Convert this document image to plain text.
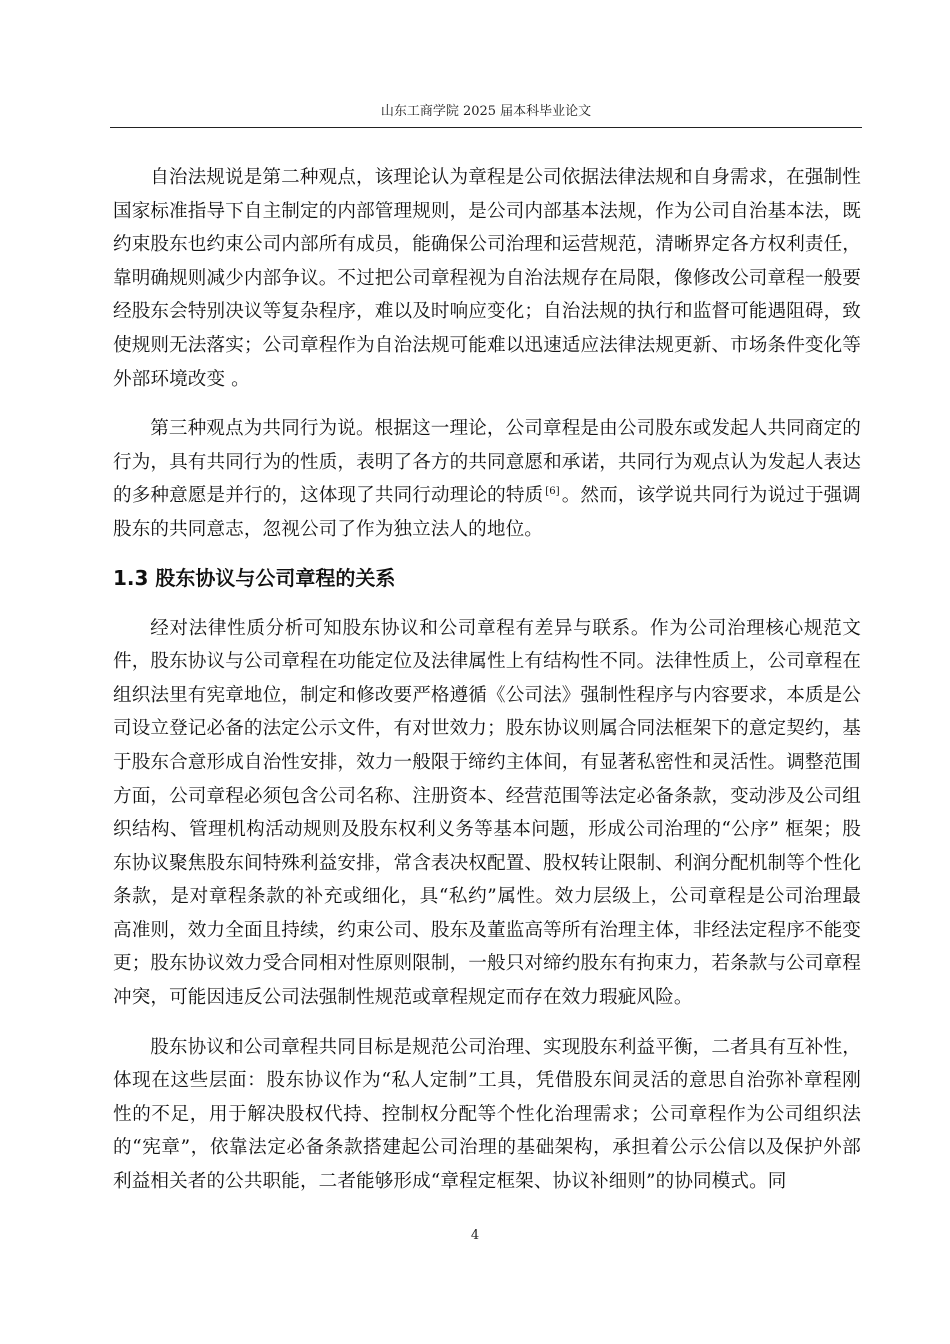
山东工商学院 2025 届本科毕业论文

自治法规说是第二种观点，该理论认为章程是公司依据法律法规和自身需求，在强制性国家标准指导下自主制定的内部管理规则，是公司内部基本法规，作为公司自治基本法，既约束股东也约束公司内部所有成员，能确保公司治理和运营规范，清晰界定各方权利责任，靠明确规则减少内部争议。不过把公司章程视为自治法规存在局限，像修改公司章程一般要经股东会特别决议等复杂程序，难以及时响应变化；自治法规的执行和监督可能遇阻碍，致使规则无法落实；公司章程作为自治法规可能难以迅速适应法律法规更新、市场条件变化等外部环境改变 。

第三种观点为共同行为说。根据这一理论，公司章程是由公司股东或发起人共同商定的行为，具有共同行为的性质，表明了各方的共同意愿和承诺，共同行为观点认为发起人表达的多种意愿是并行的，这体现了共同行动理论的特质 [6] 。然而，该学说共同行为说过于强调股东的共同意志，忽视公司了作为独立法人的地位。

1.3 股东协议与公司章程的关系

经对法律性质分析可知股东协议和公司章程有差异与联系。作为公司治理核心规范文件，股东协议与公司章程在功能定位及法律属性上有结构性不同。法律性质上，公司章程在组织法里有宪章地位，制定和修改要严格遵循《公司法》强制性程序与内容要求，本质是公司设立登记必备的法定公示文件，有对世效力；股东协议则属合同法框架下的意定契约，基于股东合意形成自治性安排，效力一般限于缔约主体间，有显著私密性和灵活性。调整范围方面，公司章程必须包含公司名称、注册资本、经营范围等法定必备条款，变动涉及公司组织结构、管理机构活动规则及股东权利义务等基本问题，形成公司治理的“公序” 框架；股东协议聚焦股东间特殊利益安排，常含表决权配置、股权转让限制、利润分配机制等个性化条款，是对章程条款的补充或细化，具“私约”属性。效力层级上，公司章程是公司治理最高准则，效力全面且持续，约束公司、股东及董监高等所有治理主体，非经法定程序不能变更；股东协议效力受合同相对性原则限制，一般只对缔约股东有拘束力，若条款与公司章程冲突，可能因违反公司法强制性规范或章程规定而存在效力瑕疵风险。

股东协议和公司章程共同目标是规范公司治理、实现股东利益平衡，二者具有互补性，体现在这些层面：股东协议作为“私人定制”工具，凭借股东间灵活的意思自治弥补章程刚性的不足，用于解决股权代持、控制权分配等个性化治理需求；公司章程作为公司组织法的“宪章”，依靠法定必备条款搭建起公司治理的基础架构，承担着公示公信以及保护外部利益相关者的公共职能，二者能够形成“章程定框架、协议补细则”的协同模式。同

4
